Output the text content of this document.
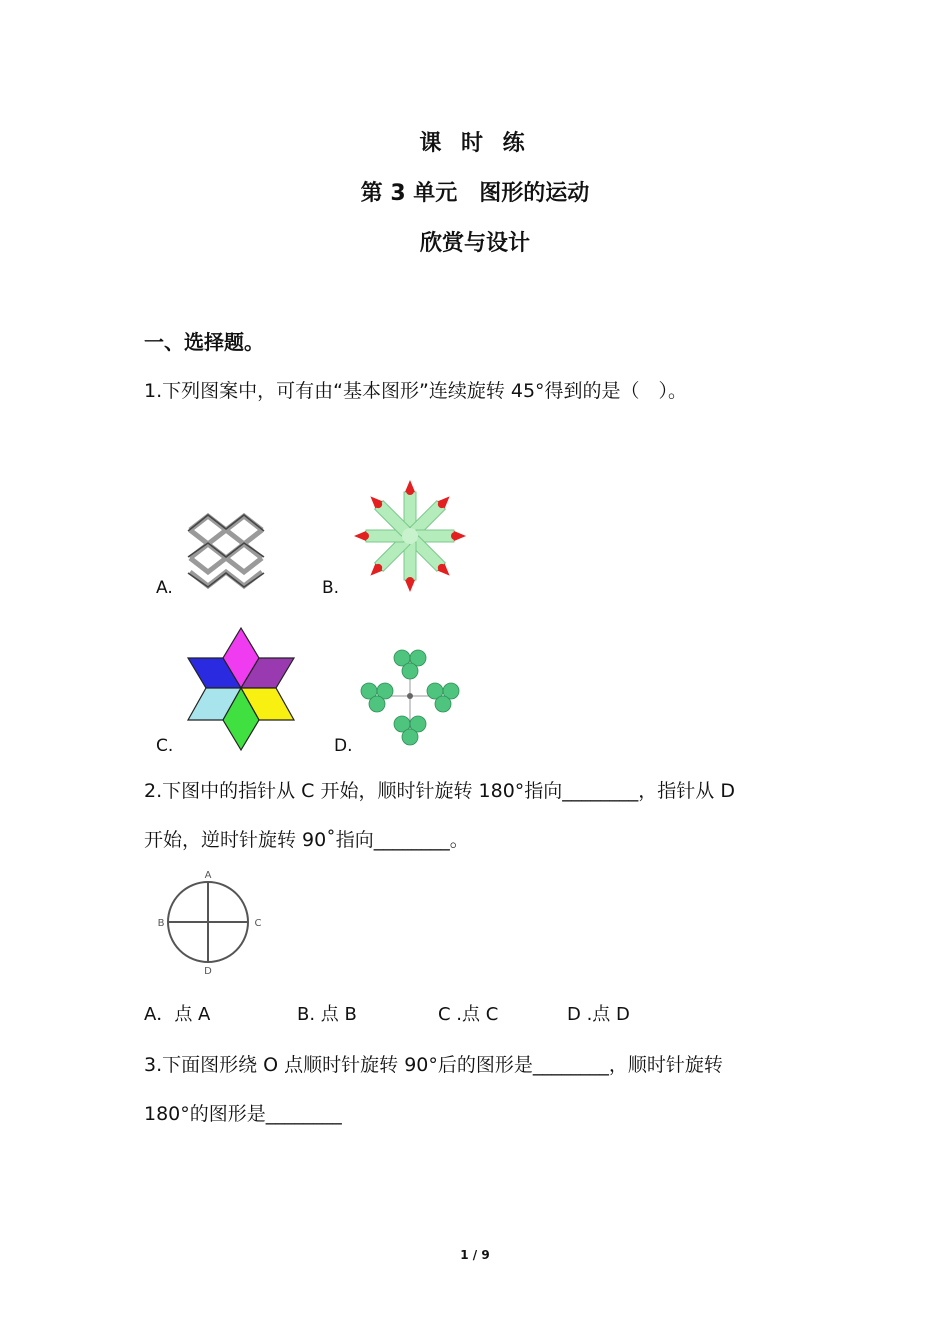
课 时 练
第 3 单元　图形的运动
欣赏与设计
一、选择题。
1.下列图案中，可有由“基本图形”连续旋转 45°得到的是（　）。
A.	B.
C.	D.
2.下图中的指针从 C 开始，顺时针旋转 180°指向________，指针从 D
开始，逆时针旋转 90˚指向________。
A
B	C
D
A．点 A	B. 点 B	C .点 C	D .点 D
3.下面图形绕 O 点顺时针旋转 90°后的图形是________，顺时针旋转
180°的图形是________
1 / 9
